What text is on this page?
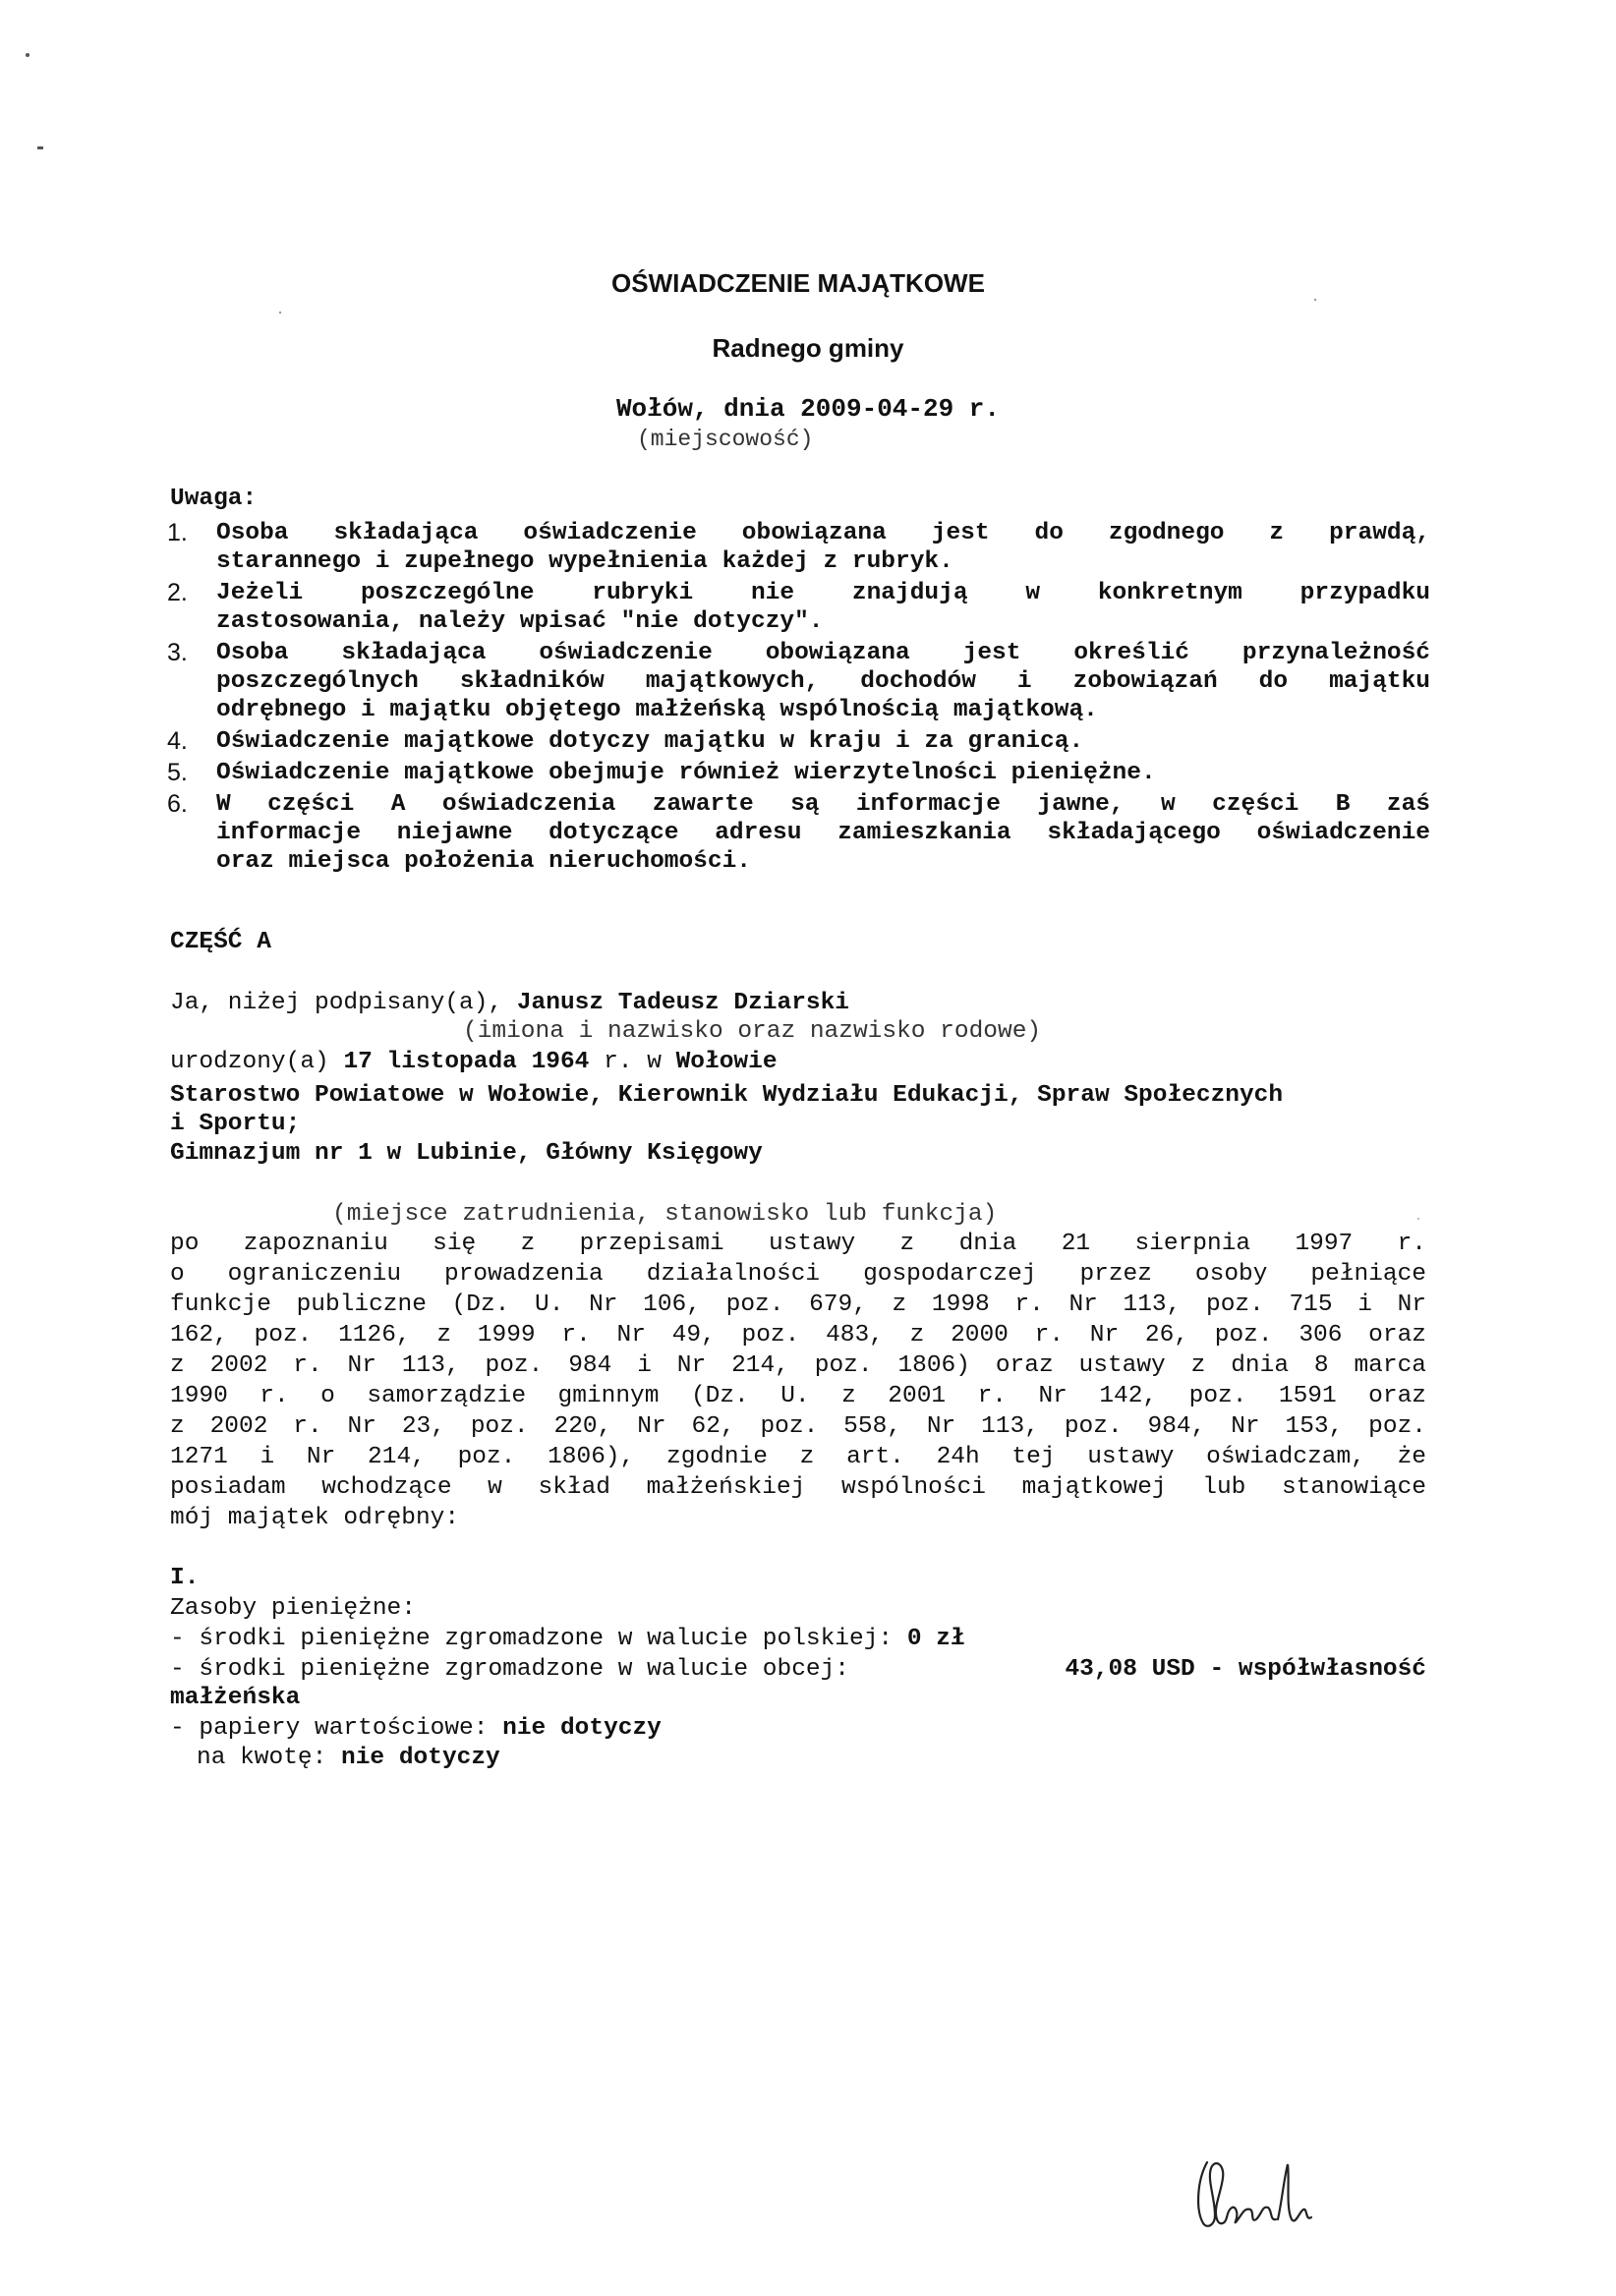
OŚWIADCZENIE MAJĄTKOWE
Radnego gminy
Wołów, dnia 2009-04-29 r.
(miejscowość)
Uwaga:
1.	Osoba składająca oświadczenie obowiązana jest do zgodnego z prawdą,
starannego i zupełnego wypełnienia każdej z rubryk.
2.	Jeżeli poszczególne rubryki nie znajdują w konkretnym przypadku
zastosowania, należy wpisać "nie dotyczy".
3.	Osoba składająca oświadczenie obowiązana jest określić przynależność
poszczególnych składników majątkowych, dochodów i zobowiązań do majątku
odrębnego i majątku objętego małżeńską wspólnością majątkową.
4.	Oświadczenie majątkowe dotyczy majątku w kraju i za granicą.
5.	Oświadczenie majątkowe obejmuje również wierzytelności pieniężne.
6.	W części A oświadczenia zawarte są informacje jawne, w części B zaś
informacje niejawne dotyczące adresu zamieszkania składającego oświadczenie
oraz miejsca położenia nieruchomości.
CZĘŚĆ A
Ja, niżej podpisany(a), Janusz Tadeusz Dziarski
(imiona i nazwisko oraz nazwisko rodowe)
urodzony(a) 17 listopada 1964 r. w Wołowie
Starostwo Powiatowe w Wołowie, Kierownik Wydziału Edukacji, Spraw Społecznych
i Sportu;
Gimnazjum nr 1 w Lubinie, Główny Księgowy
(miejsce zatrudnienia, stanowisko lub funkcja)
po zapoznaniu się z przepisami ustawy z dnia 21 sierpnia 1997 r.
o ograniczeniu prowadzenia działalności gospodarczej przez osoby pełniące
funkcje publiczne (Dz. U. Nr 106, poz. 679, z 1998 r. Nr 113, poz. 715 i Nr
162, poz. 1126, z 1999 r. Nr 49, poz. 483, z 2000 r. Nr 26, poz. 306 oraz
z 2002 r. Nr 113, poz. 984 i Nr 214, poz. 1806) oraz ustawy z dnia 8 marca
1990 r. o samorządzie gminnym (Dz. U. z 2001 r. Nr 142, poz. 1591 oraz
z 2002 r. Nr 23, poz. 220, Nr 62, poz. 558, Nr 113, poz. 984, Nr 153, poz.
1271 i Nr 214, poz. 1806), zgodnie z art. 24h tej ustawy oświadczam, że
posiadam wchodzące w skład małżeńskiej wspólności majątkowej lub stanowiące
mój majątek odrębny:
I.
Zasoby pieniężne:
- środki pieniężne zgromadzone w walucie polskiej: 0 zł
- środki pieniężne zgromadzone w walucie obcej:	43,08 USD - współwłasność
małżeńska
- papiery wartościowe: nie dotyczy
na kwotę: nie dotyczy
